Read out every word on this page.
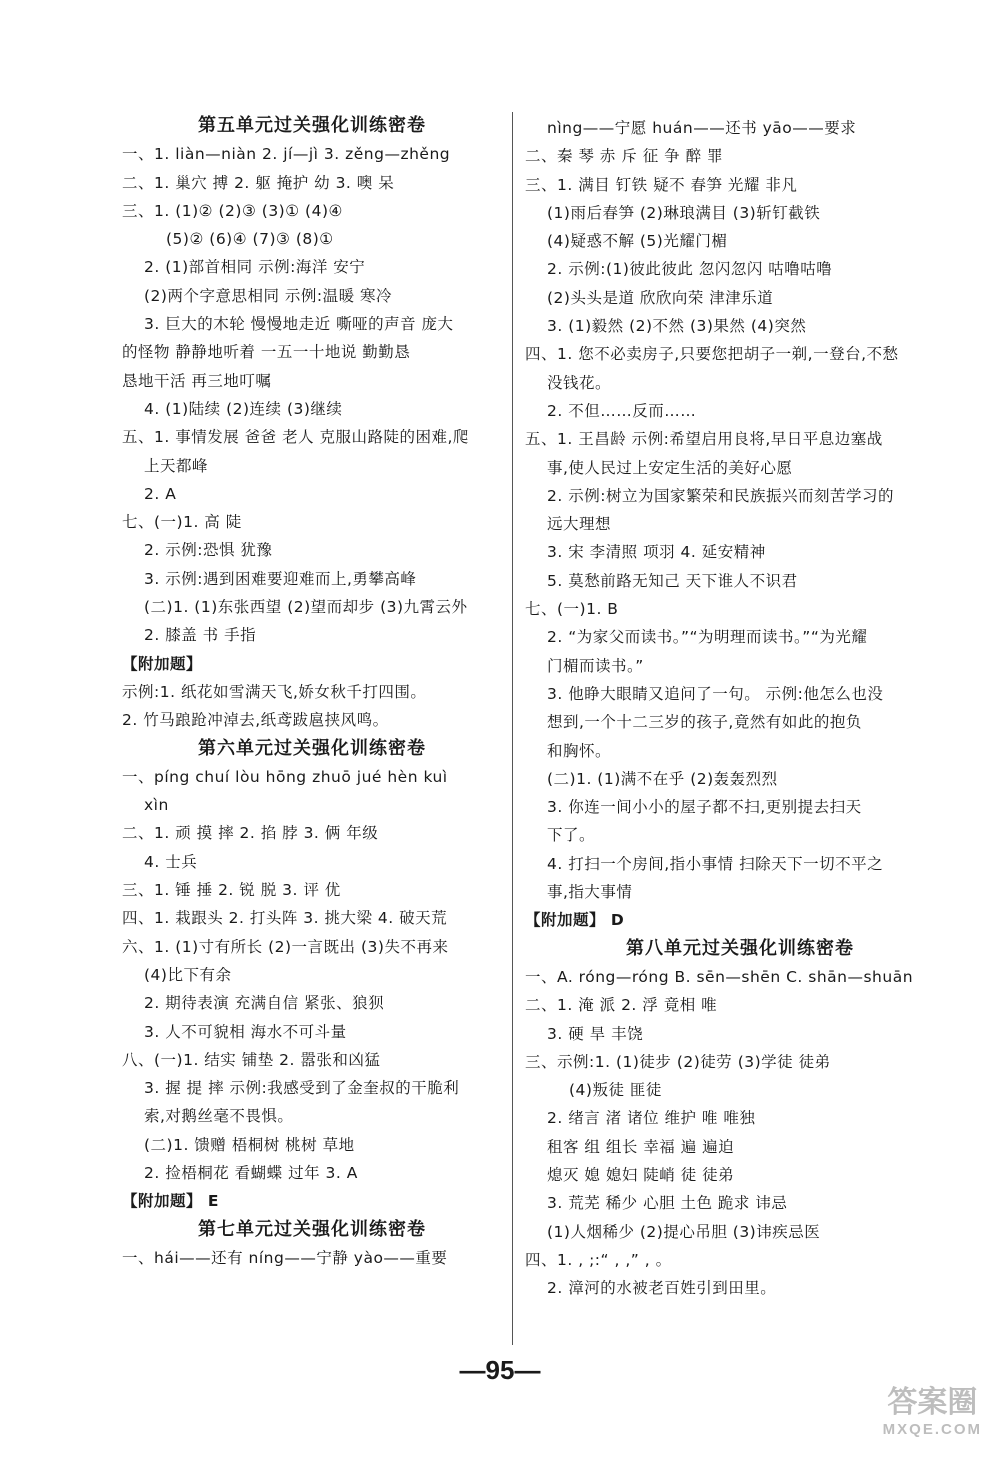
第五单元过关强化训练密卷
一、1. liàn—niàn 2. jí—jì 3. zěng—zhěng
二、1. 巢穴 搏 2. 躯 掩护 幼 3. 噢 呆
三、1. (1)② (2)③ (3)① (4)④
(5)② (6)④ (7)③ (8)①
2. (1)部首相同 示例:海洋 安宁
(2)两个字意思相同 示例:温暖 寒冷
3. 巨大的木轮 慢慢地走近 嘶哑的声音 庞大
的怪物 静静地听着 一五一十地说 勤勤恳
恳地干活 再三地叮嘱
4. (1)陆续 (2)连续 (3)继续
五、1. 事情发展 爸爸 老人 克服山路陡的困难,爬
上天都峰
2. A
七、(一)1. 高 陡
2. 示例:恐惧 犹豫
3. 示例:遇到困难要迎难而上,勇攀高峰
(二)1. (1)东张西望 (2)望而却步 (3)九霄云外
2. 膝盖 书 手指
【附加题】
示例:1. 纸花如雪满天飞,娇女秋千打四围。
2. 竹马踉跄冲淖去,纸鸢跋扈挟风鸣。
第六单元过关强化训练密卷
一、píng chuí lòu hōng zhuō jué hèn kuì
xìn
二、1. 顽 摸 摔 2. 掐 脖 3. 俩 年级
4. 士兵
三、1. 锤 捶 2. 锐 脱 3. 评 优
四、1. 栽跟头 2. 打头阵 3. 挑大梁 4. 破天荒
六、1. (1)寸有所长 (2)一言既出 (3)失不再来
(4)比下有余
2. 期待表演 充满自信 紧张、狼狈
3. 人不可貌相 海水不可斗量
八、(一)1. 结实 铺垫 2. 嚣张和凶猛
3. 握 提 摔 示例:我感受到了金奎叔的干脆利
索,对鹅丝毫不畏惧。
(二)1. 馈赠 梧桐树 桃树 草地
2. 捡梧桐花 看蝴蝶 过年 3. A
【附加题】 E
第七单元过关强化训练密卷
一、hái——还有 níng——宁静 yào——重要
nìng——宁愿 huán——还书 yāo——要求
二、秦 琴 赤 斥 征 争 醉 罪
三、1. 满目 钉铁 疑不 春笋 光耀 非凡
(1)雨后春笋 (2)琳琅满目 (3)斩钉截铁
(4)疑惑不解 (5)光耀门楣
2. 示例:(1)彼此彼此 忽闪忽闪 咕噜咕噜
(2)头头是道 欣欣向荣 津津乐道
3. (1)毅然 (2)不然 (3)果然 (4)突然
四、1. 您不必卖房子,只要您把胡子一剃,一登台,不愁
没钱花。
2. 不但……反而……
五、1. 王昌龄 示例:希望启用良将,早日平息边塞战
事,使人民过上安定生活的美好心愿
2. 示例:树立为国家繁荣和民族振兴而刻苦学习的
远大理想
3. 宋 李清照 项羽 4. 延安精神
5. 莫愁前路无知己 天下谁人不识君
七、(一)1. B
2. “为家父而读书。”“为明理而读书。”“为光耀
门楣而读书。”
3. 他睁大眼睛又追问了一句。 示例:他怎么也没
想到,一个十二三岁的孩子,竟然有如此的抱负
和胸怀。
(二)1. (1)满不在乎 (2)轰轰烈烈
3. 你连一间小小的屋子都不扫,更别提去扫天
下了。
4. 打扫一个房间,指小事情 扫除天下一切不平之
事,指大事情
【附加题】 D
第八单元过关强化训练密卷
一、A. róng—róng B. sēn—shēn C. shān—shuān
二、1. 淹 派 2. 浮 竟相 唯
3. 硬 旱 丰饶
三、示例:1. (1)徒步 (2)徒劳 (3)学徒 徒弟
(4)叛徒 匪徒
2. 绪言 渚 诸位 维护 唯 唯独
租客 组 组长 幸福 遍 遍迫
熄灭 媳 媳妇 陡峭 徒 徒弟
3. 荒芜 稀少 心胆 土色 跪求 讳忌
(1)人烟稀少 (2)提心吊胆 (3)讳疾忌医
四、1. , ;:“ , ,” , 。
2. 漳河的水被老百姓引到田里。
—95—
答案圈
MXQE.COM
